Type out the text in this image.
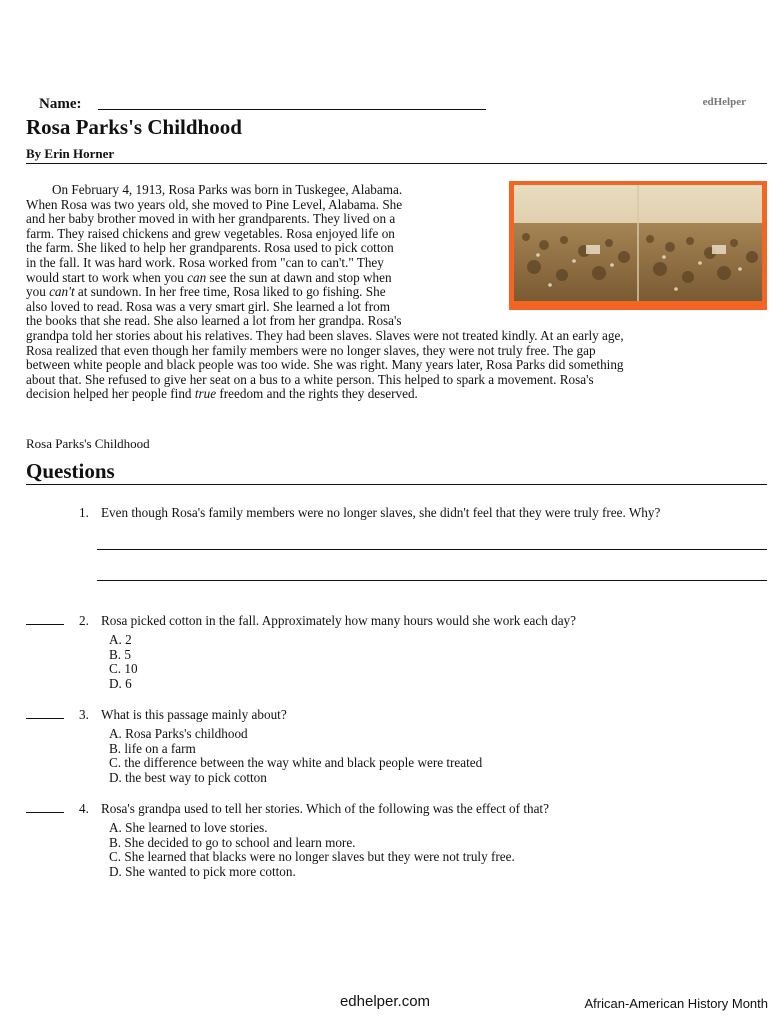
Name:	edHelper
Rosa Parks's Childhood
By Erin Horner
On February 4, 1913, Rosa Parks was born in Tuskegee, Alabama.
When Rosa was two years old, she moved to Pine Level, Alabama. She
and her baby brother moved in with her grandparents. They lived on a
farm. They raised chickens and grew vegetables. Rosa enjoyed life on
the farm. She liked to help her grandparents. Rosa used to pick cotton
in the fall. It was hard work. Rosa worked from "can to can't." They
would start to work when you can see the sun at dawn and stop when
you can't at sundown. In her free time, Rosa liked to go fishing. She
also loved to read. Rosa was a very smart girl. She learned a lot from
the books that she read. She also learned a lot from her grandpa. Rosa's
grandpa told her stories about his relatives. They had been slaves. Slaves were not treated kindly. At an early age,
Rosa realized that even though her family members were no longer slaves, they were not truly free. The gap
between white people and black people was too wide. She was right. Many years later, Rosa Parks did something
about that. She refused to give her seat on a bus to a white person. This helped to spark a movement. Rosa's
decision helped her people find true freedom and the rights they deserved.
Rosa Parks's Childhood
Questions
1. Even though Rosa's family members were no longer slaves, she didn't feel that they were truly free. Why?
2. Rosa picked cotton in the fall. Approximately how many hours would she work each day?
A. 2
B. 5
C. 10
D. 6
3. What is this passage mainly about?
A. Rosa Parks's childhood
B. life on a farm
C. the difference between the way white and black people were treated
D. the best way to pick cotton
4. Rosa's grandpa used to tell her stories. Which of the following was the effect of that?
A. She learned to love stories.
B. She decided to go to school and learn more.
C. She learned that blacks were no longer slaves but they were not truly free.
D. She wanted to pick more cotton.
edhelper.com	African-American History Month
